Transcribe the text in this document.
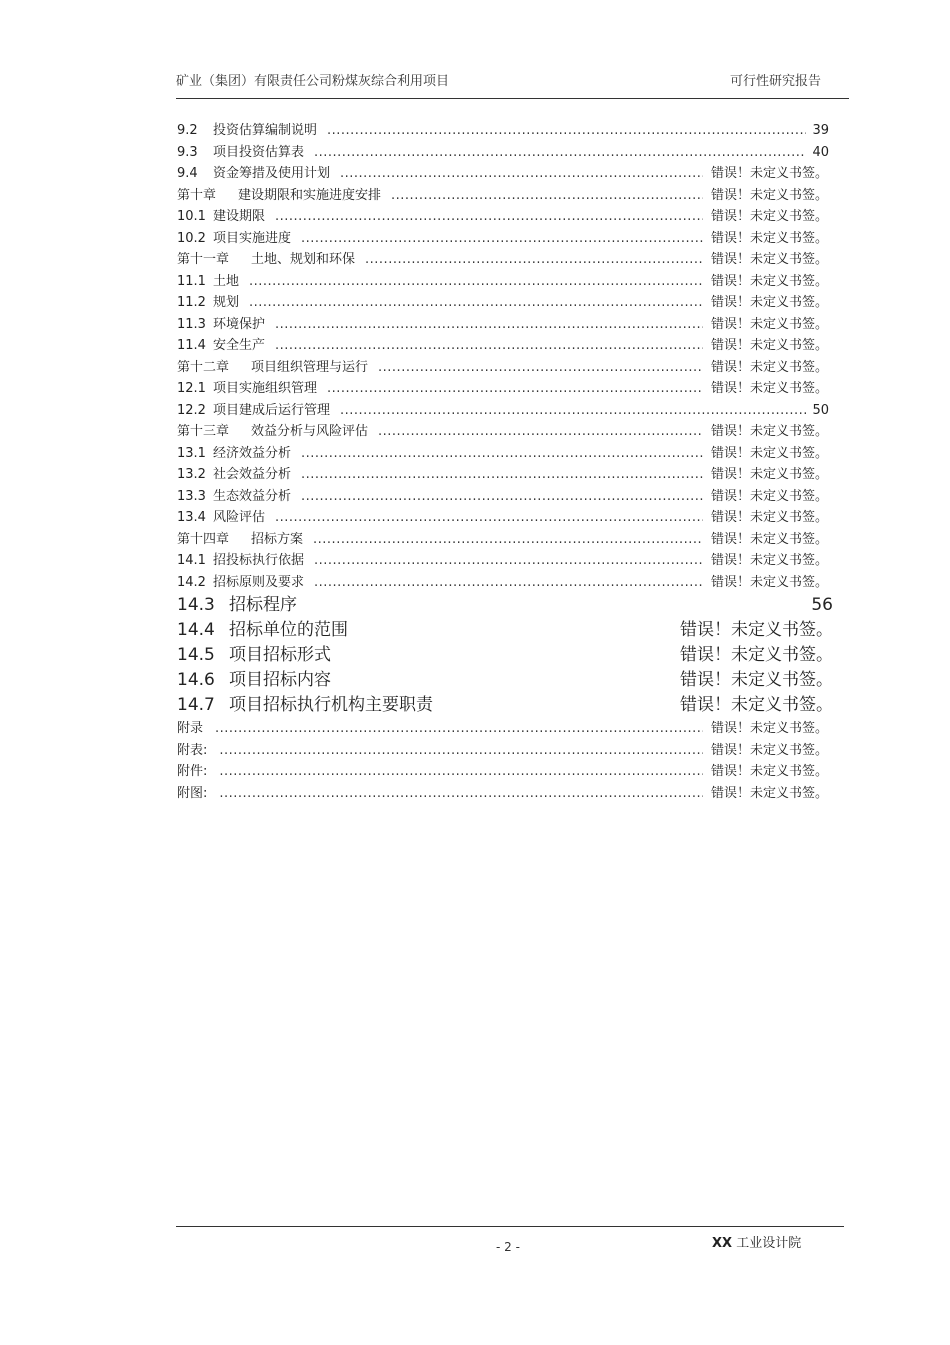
矿业（集团）有限责任公司粉煤灰综合利用项目	可行性研究报告
9.2	投资估算编制说明 .....	39
9.3	项目投资估算表 .....	40
9.4	资金筹措及使用计划 .....	错误！未定义书签。
第十章 建设期限和实施进度安排 .....	错误！未定义书签。
10.1 建设期限 .....	错误！未定义书签。
10.2 项目实施进度 .....	错误！未定义书签。
第十一章 土地、规划和环保 .....	错误！未定义书签。
11.1 土地 .....	错误！未定义书签。
11.2 规划 .....	错误！未定义书签。
11.3 环境保护 .....	错误！未定义书签。
11.4 安全生产 .....	错误！未定义书签。
第十二章 项目组织管理与运行 .....	错误！未定义书签。
12.1 项目实施组织管理 .....	错误！未定义书签。
12.2 项目建成后运行管理 .....	50
第十三章 效益分析与风险评估 .....	错误！未定义书签。
13.1 经济效益分析 .....	错误！未定义书签。
13.2 社会效益分析 .....	错误！未定义书签。
13.3 生态效益分析 .....	错误！未定义书签。
13.4 风险评估 .....	错误！未定义书签。
第十四章 招标方案 .....	错误！未定义书签。
14.1 招投标执行依据 .....	错误！未定义书签。
14.2 招标原则及要求 .....	错误！未定义书签。
14.3 招标程序	56
14.4 招标单位的范围	错误！未定义书签。
14.5 项目招标形式	错误！未定义书签。
14.6 项目招标内容	错误！未定义书签。
14.7 项目招标执行机构主要职责	错误！未定义书签。
附录 .....	错误！未定义书签。
附表: .....	错误！未定义书签。
附件: .....	错误！未定义书签。
附图: .....	错误！未定义书签。
- 2 -	XX 工业设计院
